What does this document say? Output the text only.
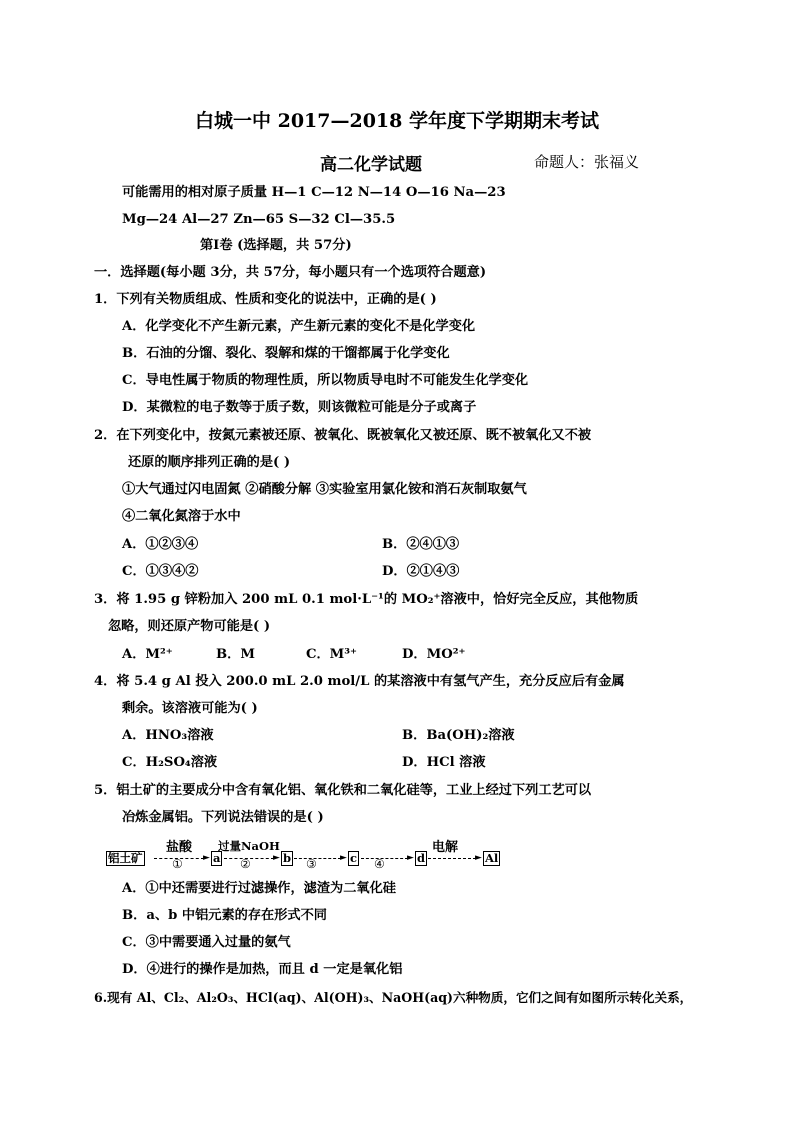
白城一中 2017—2018 学年度下学期期末考试
高二化学试题	命题人：张福义
可能需用的相对原子质量 H—1 C—12 N—14 O—16 Na—23
Mg—24 Al—27 Zn—65 S—32 Cl—35.5
第Ⅰ卷 (选择题，共 57分)
一．选择题(每小题 3分，共 57分，每小题只有一个选项符合题意)
1．下列有关物质组成、性质和变化的说法中，正确的是( )
A．化学变化不产生新元素，产生新元素的变化不是化学变化
B．石油的分馏、裂化、裂解和煤的干馏都属于化学变化
C．导电性属于物质的物理性质，所以物质导电时不可能发生化学变化
D．某微粒的电子数等于质子数，则该微粒可能是分子或离子
2．在下列变化中，按氮元素被还原、被氧化、既被氧化又被还原、既不被氧化又不被
还原的顺序排列正确的是( )
①大气通过闪电固氮 ②硝酸分解 ③实验室用氯化铵和消石灰制取氨气
④二氧化氮溶于水中
A．①②③④	B．②④①③
C．①③④②	D．②①④③
3．将 1.95 g 锌粉加入 200 mL 0.1 mol·L⁻¹的 MO₂⁺溶液中，恰好完全反应，其他物质
忽略，则还原产物可能是( )
A．M²⁺	B．M	C．M³⁺	D．MO²⁺
4．将 5.4 g Al 投入 200.0 mL 2.0 mol/L 的某溶液中有氢气产生，充分反应后有金属
剩余。该溶液可能为( )
A．HNO₃溶液	B．Ba(OH)₂溶液
C．H₂SO₄溶液	D．HCl 溶液
5．铝土矿的主要成分中含有氧化铝、氧化铁和二氧化硅等，工业上经过下列工艺可以
冶炼金属铝。下列说法错误的是( )
铝土矿	►
盐酸
①	a	►
过量NaOH
②	b	►
③	c	►
④	d	►
电解
Al
A．①中还需要进行过滤操作，滤渣为二氧化硅
B．a、b 中铝元素的存在形式不同
C．③中需要通入过量的氨气
D．④进行的操作是加热，而且 d 一定是氧化铝
6.现有 Al、Cl₂、Al₂O₃、HCl(aq)、Al(OH)₃、NaOH(aq)六种物质，它们之间有如图所示转化关系，
